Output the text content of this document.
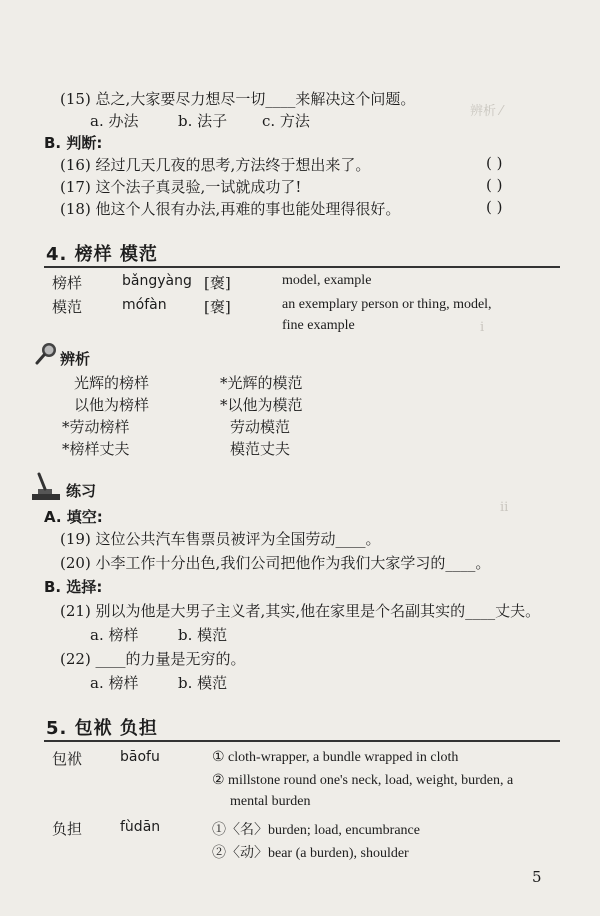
辨析 ⁄
ⅰ
ⅱ
(15) 总之,大家要尽力想尽一切____来解决这个问题。
a. 办法	b. 法子 c. 方法
B. 判断:
(16) 经过几天几夜的思考,方法终于想出来了。	( )
(17) 这个法子真灵验,一试就成功了!	( )
(18) 他这个人很有办法,再难的事也能处理得很好。	( )
4. 榜样 模范
榜样	bǎngyàng [褒]	model, example
模范	mófàn [褒]	an exemplary person or thing, model,
fine example
辨析
光辉的榜样	*光辉的模范
以他为榜样	*以他为模范
*劳动榜样	劳动模范
*榜样丈夫	模范丈夫
练习
A. 填空:
(19) 这位公共汽车售票员被评为全国劳动____。
(20) 小李工作十分出色,我们公司把他作为我们大家学习的____。
B. 选择:
(21) 别以为他是大男子主义者,其实,他在家里是个名副其实的____丈夫。
a. 榜样	b. 模范
(22) ____的力量是无穷的。
a. 榜样	b. 模范
5. 包袱 负担
包袱	bāofu	① cloth-wrapper, a bundle wrapped in cloth
② millstone round one's neck, load, weight, burden, a
mental burden
负担	fùdān	①〈名〉burden; load, encumbrance
②〈动〉bear (a burden), shoulder
5
